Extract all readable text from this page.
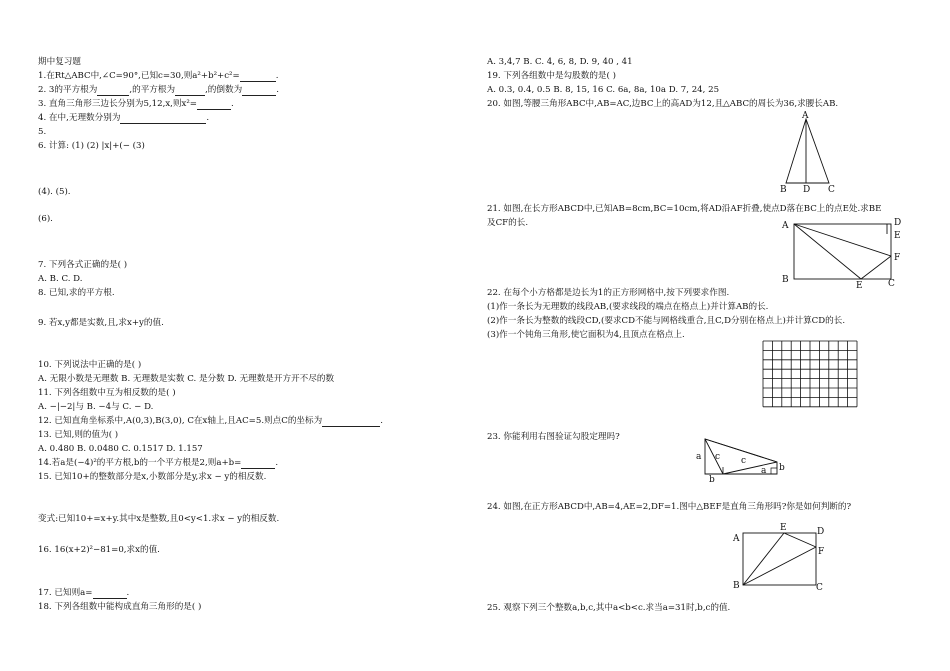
期中复习题
1.在Rt△ABC中,∠C=90°,已知c=30,则a²+b²+c²=	.
2. 3的平方根为	,的平方根为	,的倒数为	.
3. 直角三角形三边长分别为5,12,x,则x²=	.
4. 在中,无理数分别为	.
5.
6. 计算: (1) (2) |x|+(− (3)
(4). (5).
(6).
7. 下列各式正确的是( )
A. B. C. D.
8. 已知,求的平方根.
9. 若x,y都是实数,且,求x+y的值.
10. 下列说法中正确的是( )
A. 无限小数是无理数 B. 无理数是实数 C. 是分数 D. 无理数是开方开不尽的数
11. 下列各组数中互为相反数的是( )
A. −|−2|与 B. −4与 C. − D.
12. 已知直角坐标系中,A(0,3),B(3,0), C在x轴上,且AC=5.则点C的坐标为	.
13. 已知,则的值为( )
A. 0.480 B. 0.0480 C. 0.1517 D. 1.157
14.若a是(−4)²的平方根,b的一个平方根是2,则a+b=	.
15. 已知10+的整数部分是x,小数部分是y,求x − y的相反数.
变式:已知10+=x+y.其中x是整数,且0<y<1.求x − y的相反数.
16. 16(x+2)²−81=0,求x的值.
17. 已知则a=	.
18. 下列各组数中能构成直角三角形的是( )
A. 3,4,7 B. C. 4, 6, 8, D. 9, 40 , 41
19. 下列各组数中是勾股数的是( )
A. 0.3, 0.4, 0.5 B. 8, 15, 16 C. 6a, 8a, 10a D. 7, 24, 25
20. 如图,等腰三角形ABC中,AB=AC,边BC上的高AD为12,且△ABC的周长为36,求腰长AB.
A
B D C
21. 如图,在长方形ABCD中,已知AB=8cm,BC=10cm,将AD沿AF折叠,使点D落在BC上的点E处.求BE
及CF的长.	A	D
E
F
B
E	C
22. 在每个小方格都是边长为1的正方形网格中,按下列要求作图.
(1)作一条长为无理数的线段AB,(要求线段的端点在格点上)并计算AB的长.
(2)作一条长为整数的线段CD,(要求CD不能与网格线重合,且C,D分别在格点上)并计算CD的长.
(3)作一个钝角三角形,使它面积为4,且顶点在格点上.
23. 你能利用右图验证勾股定理吗?
a
b
c c
a b
24. 如图,在正方形ABCD中,AB=4,AE=2,DF=1.图中△BEF是直角三角形吗?你是如何判断的?
A
E	D
F
B	C
25. 观察下列三个整数a,b,c,其中a<b<c.求当a=31时,b,c的值.
